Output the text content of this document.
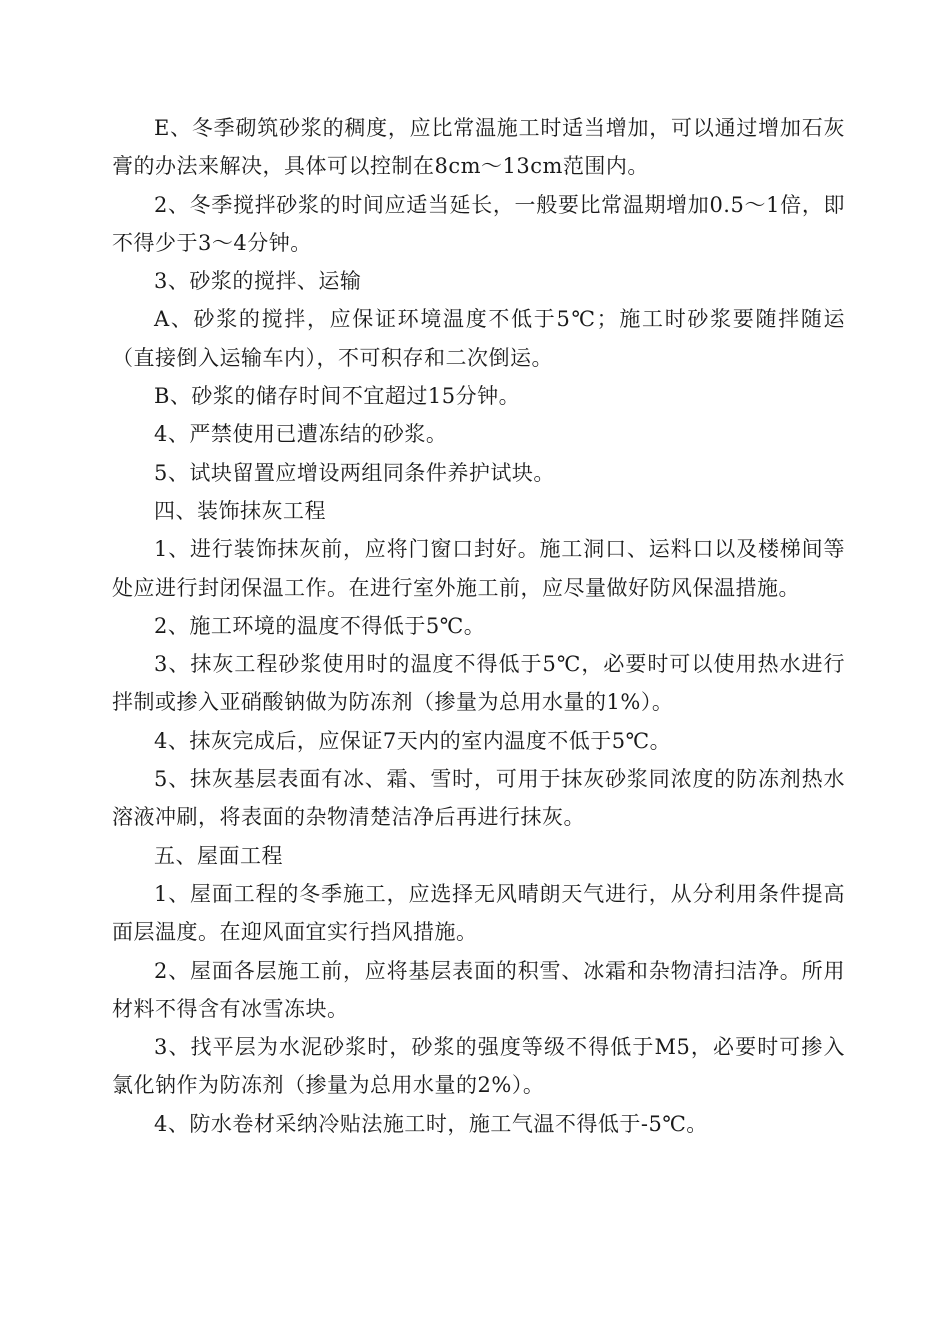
E、冬季砌筑砂浆的稠度，应比常温施工时适当增加，可以通过增加石灰膏的办法来解决，具体可以控制在8cm～13cm范围内。

2、冬季搅拌砂浆的时间应适当延长，一般要比常温期增加0.5～1倍，即不得少于3～4分钟。

3、砂浆的搅拌、运输

A、砂浆的搅拌，应保证环境温度不低于5℃；施工时砂浆要随拌随运（直接倒入运输车内），不可积存和二次倒运。

B、砂浆的储存时间不宜超过15分钟。

4、严禁使用已遭冻结的砂浆。

5、试块留置应增设两组同条件养护试块。

四、装饰抹灰工程

1、进行装饰抹灰前，应将门窗口封好。施工洞口、运料口以及楼梯间等处应进行封闭保温工作。在进行室外施工前，应尽量做好防风保温措施。

2、施工环境的温度不得低于5℃。

3、抹灰工程砂浆使用时的温度不得低于5℃，必要时可以使用热水进行拌制或掺入亚硝酸钠做为防冻剂（掺量为总用水量的1%）。

4、抹灰完成后，应保证7天内的室内温度不低于5℃。

5、抹灰基层表面有冰、霜、雪时，可用于抹灰砂浆同浓度的防冻剂热水溶液冲刷，将表面的杂物清楚洁净后再进行抹灰。

五、屋面工程

1、屋面工程的冬季施工，应选择无风晴朗天气进行，从分利用条件提高面层温度。在迎风面宜实行挡风措施。

2、屋面各层施工前，应将基层表面的积雪、冰霜和杂物清扫洁净。所用材料不得含有冰雪冻块。

3、找平层为水泥砂浆时，砂浆的强度等级不得低于M5，必要时可掺入氯化钠作为防冻剂（掺量为总用水量的2%）。

4、防水卷材采纳冷贴法施工时，施工气温不得低于-5℃。
